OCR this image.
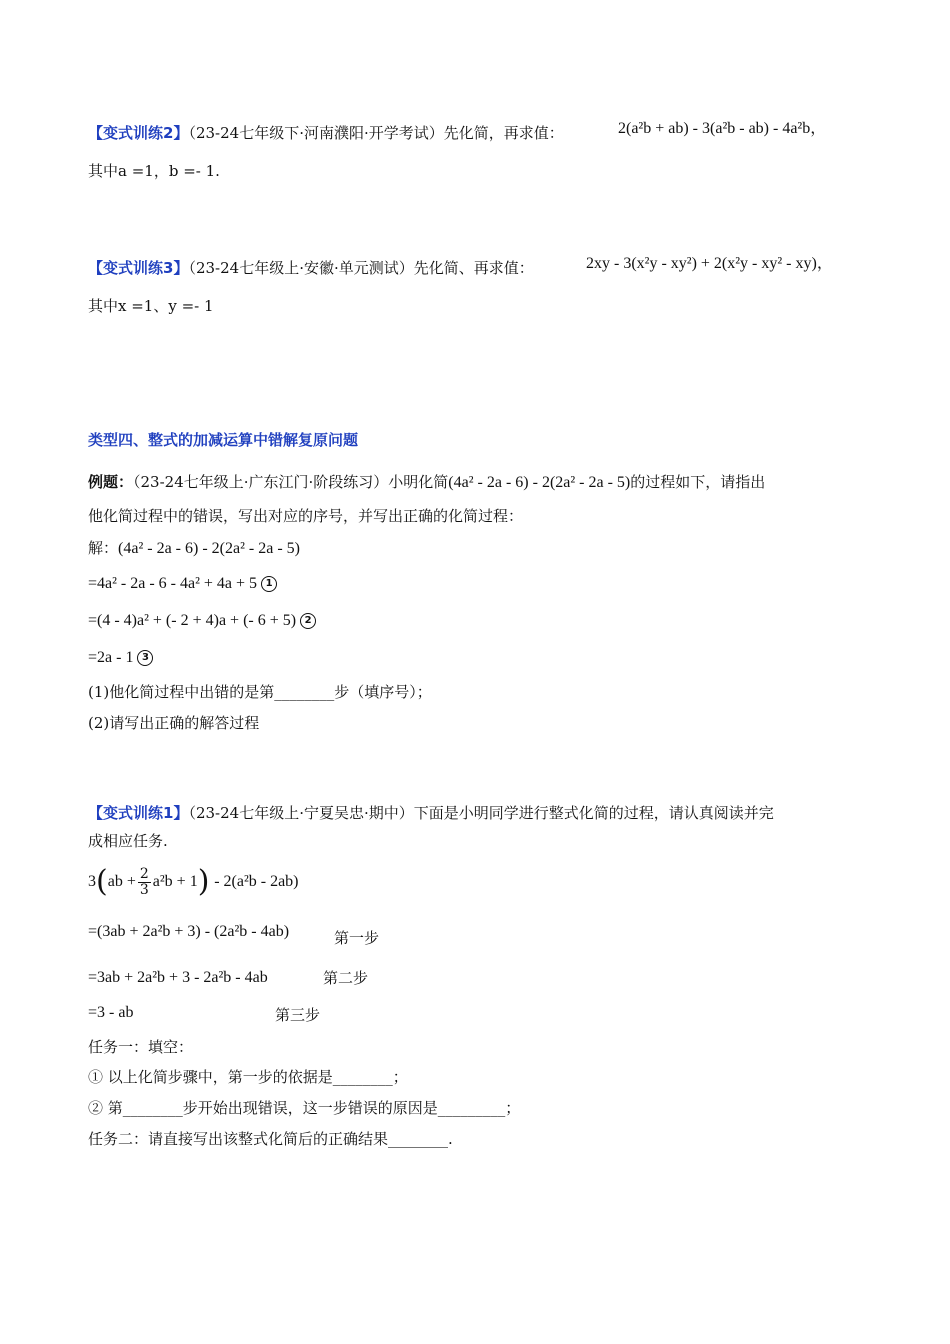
【变式训练2】（23-24七年级下·河南濮阳·开学考试）先化简，再求值：	2(a²b + ab) - 3(a²b - ab) - 4a²b，
其中a =1，b =- 1.
【变式训练3】（23-24七年级上·安徽·单元测试）先化简、再求值：	2xy - 3(x²y - xy²) + 2(x²y - xy² - xy)，
其中x =1、y =- 1
类型四、整式的加减运算中错解复原问题
例题：（23-24七年级上·广东江门·阶段练习）小明化简(4a² - 2a - 6) - 2(2a² - 2a - 5)的过程如下，请指出
他化简过程中的错误，写出对应的序号，并写出正确的化简过程：
解：(4a² - 2a - 6) - 2(2a² - 2a - 5)
=4a² - 2a - 6 - 4a² + 4a + 5 1
=(4 - 4)a² + (- 2 + 4)a + (- 6 + 5) 2
=2a - 1 3
(1)他化简过程中出错的是第________步（填序号）；
(2)请写出正确的解答过程
【变式训练1】（23-24七年级上·宁夏吴忠·期中）下面是小明同学进行整式化简的过程，请认真阅读并完
成相应任务.
$3(ab + \frac{2}{3} a^2b + 1) - 2(a^2b - 2ab)$
=(3ab + 2a²b + 3) - (2a²b - 4ab)	第一步
=3ab + 2a²b + 3 - 2a²b - 4ab	第二步
=3 - ab	第三步
任务一：填空：
① 以上化简步骤中，第一步的依据是________；
② 第________步开始出现错误，这一步错误的原因是_________；
任务二：请直接写出该整式化简后的正确结果________.
